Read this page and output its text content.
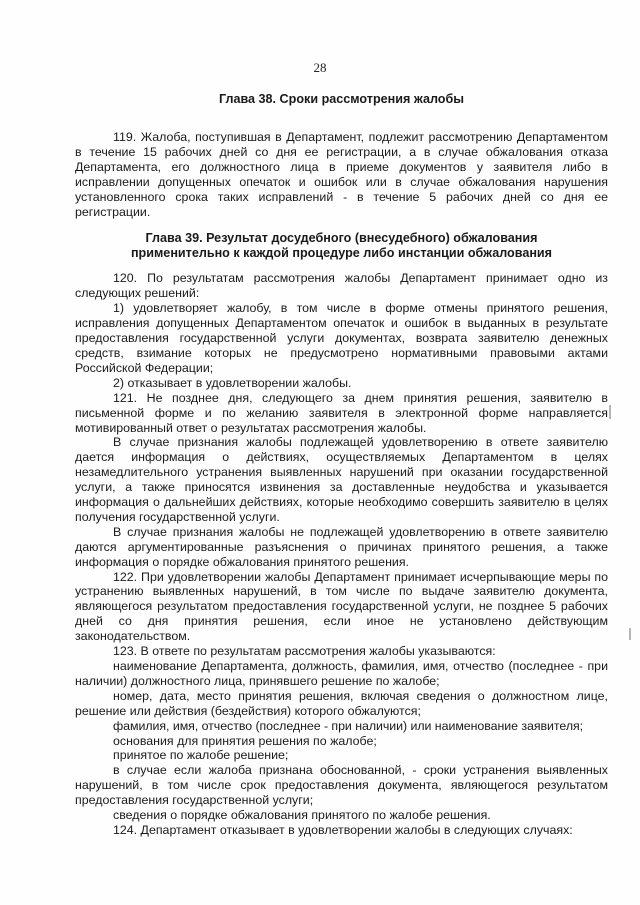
28
Глава 38. Сроки рассмотрения жалобы

119. Жалоба, поступившая в Департамент, подлежит рассмотрению Департаментом в течение 15 рабочих дней со дня ее регистрации, а в случае обжалования отказа Департамента, его должностного лица в приеме документов у заявителя либо в исправлении допущенных опечаток и ошибок или в случае обжалования нарушения установленного срока таких исправлений - в течение 5 рабочих дней со дня ее регистрации.

Глава 39. Результат досудебного (внесудебного) обжалования
применительно к каждой процедуре либо инстанции обжалования

120. По результатам рассмотрения жалобы Департамент принимает одно из следующих решений:

1) удовлетворяет жалобу, в том числе в форме отмены принятого решения, исправления допущенных Департаментом опечаток и ошибок в выданных в результате предоставления государственной услуги документах, возврата заявителю денежных средств, взимание которых не предусмотрено нормативными правовыми актами Российской Федерации;

2) отказывает в удовлетворении жалобы.

121. Не позднее дня, следующего за днем принятия решения, заявителю в письменной форме и по желанию заявителя в электронной форме направляется мотивированный ответ о результатах рассмотрения жалобы.

В случае признания жалобы подлежащей удовлетворению в ответе заявителю дается информация о действиях, осуществляемых Департаментом в целях незамедлительного устранения выявленных нарушений при оказании государственной услуги, а также приносятся извинения за доставленные неудобства и указывается информация о дальнейших действиях, которые необходимо совершить заявителю в целях получения государственной услуги.

В случае признания жалобы не подлежащей удовлетворению в ответе заявителю даются аргументированные разъяснения о причинах принятого решения, а также информация о порядке обжалования принятого решения.

122. При удовлетворении жалобы Департамент принимает исчерпывающие меры по устранению выявленных нарушений, в том числе по выдаче заявителю документа, являющегося результатом предоставления государственной услуги, не позднее 5 рабочих дней со дня принятия решения, если иное не установлено действующим законодательством.

123. В ответе по результатам рассмотрения жалобы указываются:

наименование Департамента, должность, фамилия, имя, отчество (последнее - при наличии) должностного лица, принявшего решение по жалобе;

номер, дата, место принятия решения, включая сведения о должностном лице, решение или действия (бездействия) которого обжалуются;

фамилия, имя, отчество (последнее - при наличии) или наименование заявителя;

основания для принятия решения по жалобе;

принятое по жалобе решение;

в случае если жалоба признана обоснованной, - сроки устранения выявленных нарушений, в том числе срок предоставления документа, являющегося результатом предоставления государственной услуги;

сведения о порядке обжалования принятого по жалобе решения.

124. Департамент отказывает в удовлетворении жалобы в следующих случаях:
